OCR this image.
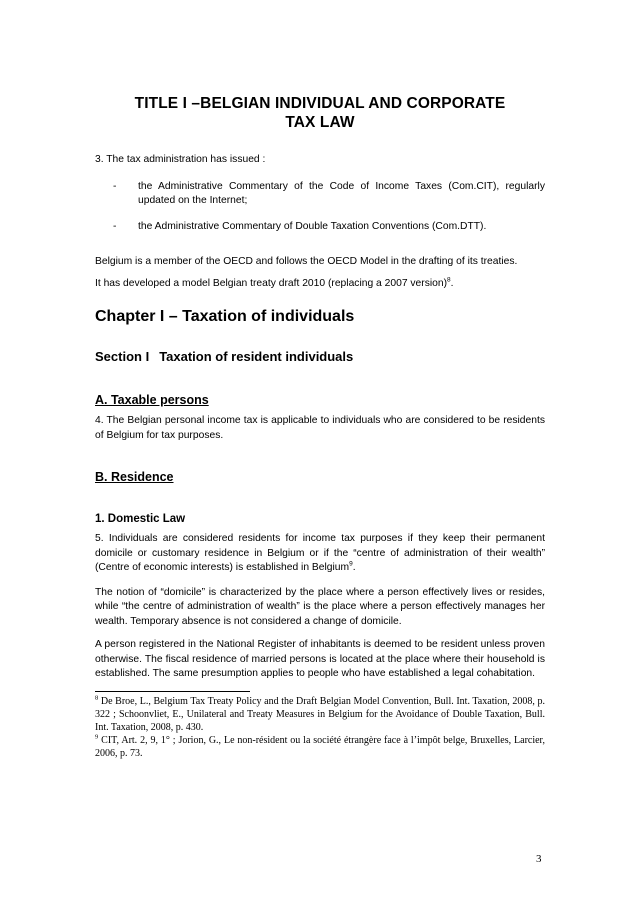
TITLE I –BELGIAN INDIVIDUAL AND CORPORATE
TAX LAW

3. The tax administration has issued :

-	the Administrative Commentary of the Code of Income Taxes (Com.CIT), regularly updated on the Internet;
-	the Administrative Commentary of Double Taxation Conventions (Com.DTT).

Belgium is a member of the OECD and follows the OECD Model in the drafting of its treaties.

It has developed a model Belgian treaty draft 2010 (replacing a 2007 version)$^8$.

Chapter I – Taxation of individuals
Section I Taxation of resident individuals
A. Taxable persons

4. The Belgian personal income tax is applicable to individuals who are considered to be residents of Belgium for tax purposes.

B. Residence
1. Domestic Law

5. Individuals are considered residents for income tax purposes if they keep their permanent domicile or customary residence in Belgium or if the “centre of administration of their wealth” (Centre of economic interests) is established in Belgium$^9$.

The notion of “domicile” is characterized by the place where a person effectively lives or resides, while “the centre of administration of wealth” is the place where a person effectively manages her wealth. Temporary absence is not considered a change of domicile.

A person registered in the National Register of inhabitants is deemed to be resident unless proven otherwise. The fiscal residence of married persons is located at the place where their household is established. The same presumption applies to people who have established a legal cohabitation.

$^8$ De Broe, L., Belgium Tax Treaty Policy and the Draft Belgian Model Convention, Bull. Int. Taxation, 2008, p. 322 ; Schoonvliet, E., Unilateral and Treaty Measures in Belgium for the Avoidance of Double Taxation, Bull. Int. Taxation, 2008, p. 430.

$^9$ CIT, Art. 2, 9, 1° ; Jorion, G., Le non-résident ou la société étrangère face à l’impôt belge, Bruxelles, Larcier, 2006, p. 73.

3
